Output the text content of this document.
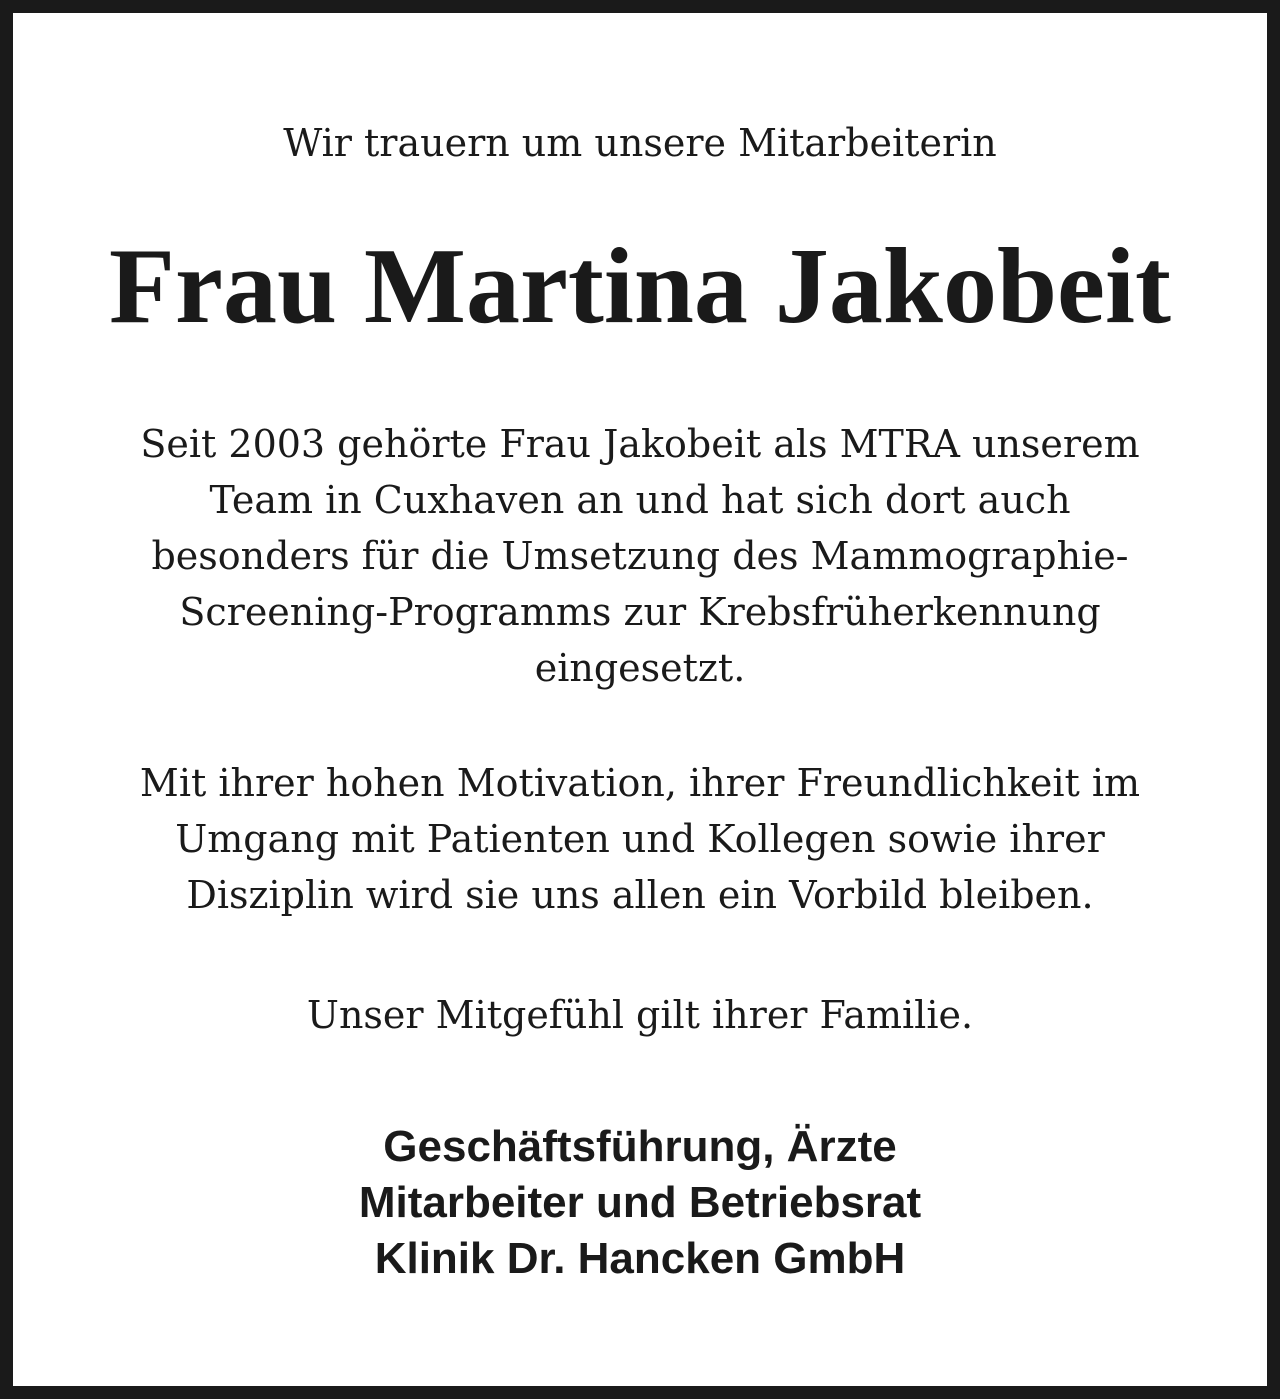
Wir trauern um unsere Mitarbeiterin

Frau Martina Jakobeit
Seit 2003 gehörte Frau Jakobeit als MTRA unserem
Team in Cuxhaven an und hat sich dort auch
besonders für die Umsetzung des Mammographie-
Screening-Programms zur Krebsfrüherkennung
eingesetzt.
Mit ihrer hohen Motivation, ihrer Freundlichkeit im
Umgang mit Patienten und Kollegen sowie ihrer
Disziplin wird sie uns allen ein Vorbild bleiben.

Unser Mitgefühl gilt ihrer Familie.

Geschäftsführung, Ärzte
Mitarbeiter und Betriebsrat
Klinik Dr. Hancken GmbH
